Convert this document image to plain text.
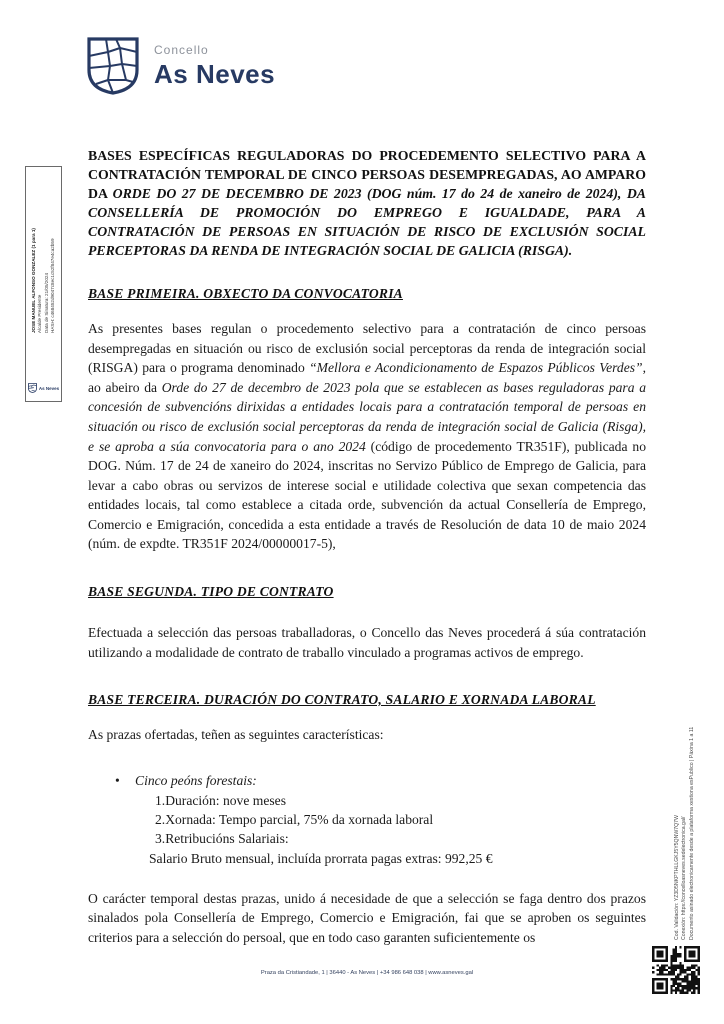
Concello
As Neves
JOSE MANUEL ALFONSO GONZALEZ (1 para 1) Alcalde Presidente Data de Sinatura: 21/05/2024 HASH: c468452d9047c8ec1c52f847e4ca2b59
As Neves
Cod. Validación: YZ3D5NKPTHLLGKJ5Y5QNW7Q7W Conexión: https://concelloasneves.sedelectronica.gal/ Documento asinado electronicamente desde a plataforma xestiona esPublico | Páxina 1 a 11

BASES ESPECÍFICAS REGULADORAS DO PROCEDEMENTO SELECTIVO PARA A CONTRATACIÓN TEMPORAL DE CINCO PERSOAS DESEMPREGADAS, AO AMPARO DA ORDE DO 27 DE DECEMBRO DE 2023 (DOG núm. 17 do 24 de xaneiro de 2024), DA CONSELLERÍA DE PROMOCIÓN DO EMPREGO E IGUALDADE, PARA A CONTRATACIÓN DE PERSOAS EN SITUACIÓN DE RISCO DE EXCLUSIÓN SOCIAL PERCEPTORAS DA RENDA DE INTEGRACIÓN SOCIAL DE GALICIA (RISGA).

BASE PRIMEIRA. OBXECTO DA CONVOCATORIA

As presentes bases regulan o procedemento selectivo para a contratación de cinco persoas desempregadas en situación ou risco de exclusión social perceptoras da renda de integración social (RISGA) para o programa denominado “Mellora e Acondicionamento de Espazos Públicos Verdes”, ao abeiro da Orde do 27 de decembro de 2023 pola que se establecen as bases reguladoras para a concesión de subvencións dirixidas a entidades locais para a contratación temporal de persoas en situación ou risco de exclusión social perceptoras da renda de integración social de Galicia (Risga), e se aproba a súa convocatoria para o ano 2024 (código de procedemento TR351F), publicada no DOG. Núm. 17 de 24 de xaneiro do 2024, inscritas no Servizo Público de Emprego de Galicia, para levar a cabo obras ou servizos de interese social e utilidade colectiva que sexan competencia das entidades locais, tal como establece a citada orde, subvención da actual Consellería de Emprego, Comercio e Emigración, concedida a esta entidade a través de Resolución de data 10 de maio 2024 (núm. de expdte. TR351F 2024/00000017-5),

BASE SEGUNDA. TIPO DE CONTRATO

Efectuada a selección das persoas traballadoras, o Concello das Neves procederá á súa contratación utilizando a modalidade de contrato de traballo vinculado a programas activos de emprego.

BASE TERCEIRA. DURACIÓN DO CONTRATO, SALARIO E XORNADA LABORAL

As prazas ofertadas, teñen as seguintes características:

•	Cinco peóns forestais:
1.Duración: nove meses
2.Xornada: Tempo parcial, 75% da xornada laboral
3.Retribucións Salariais:
Salario Bruto mensual, incluída prorrata pagas extras: 992,25 €

O carácter temporal destas prazas, unido á necesidade de que a selección se faga dentro dos prazos sinalados pola Consellería de Emprego, Comercio e Emigración, fai que se aproben os seguintes criterios para a selección do persoal, que en todo caso garanten suficientemente os

Praza da Cristiandade, 1 | 36440 - As Neves | +34 986 648 038 | www.asneves.gal
